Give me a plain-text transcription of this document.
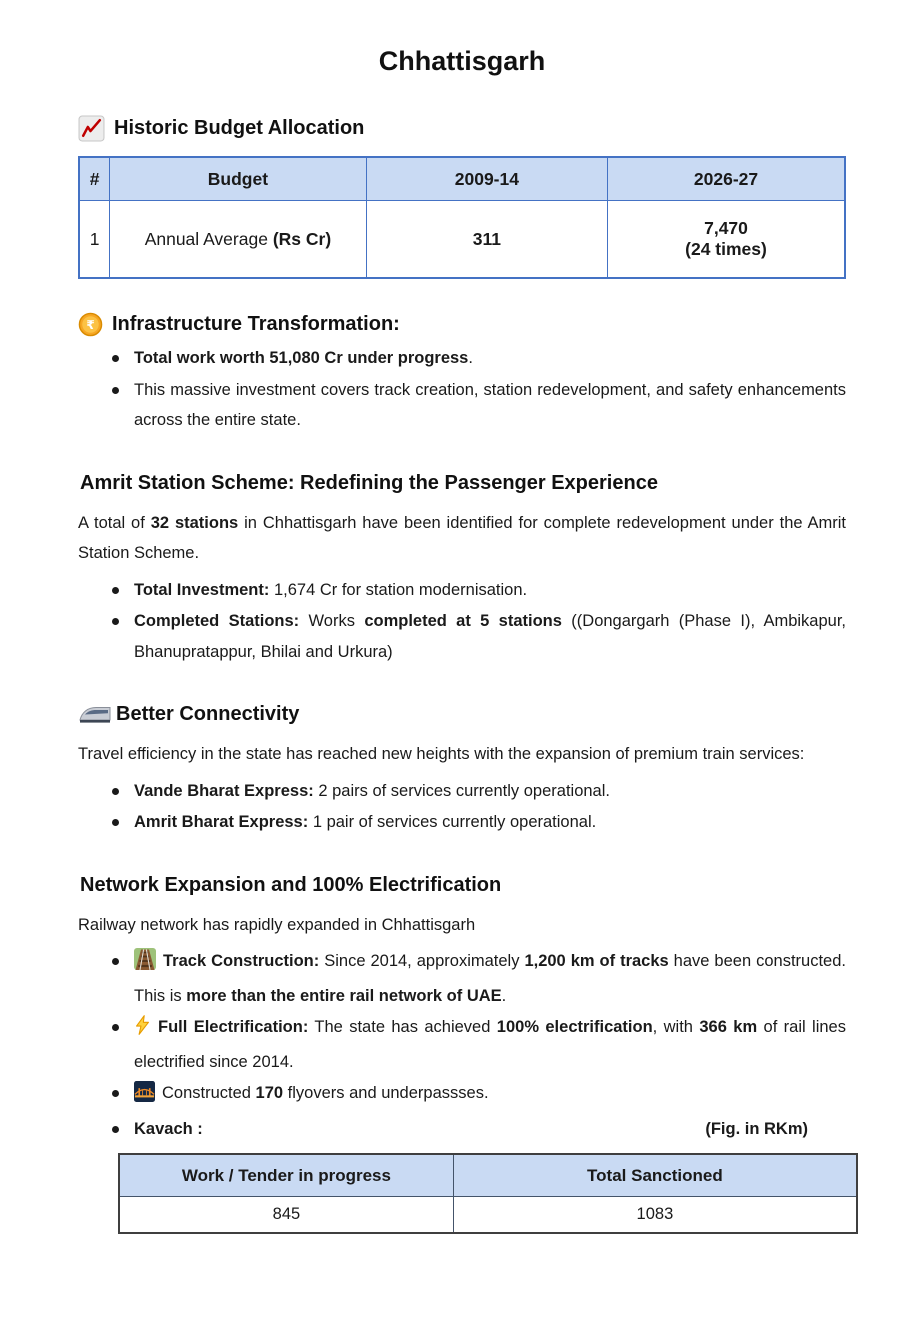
Chhattisgarh
Historic Budget Allocation
#	Budget	2009-14	2026-27
1	Annual Average (Rs Cr)	311	7,470
(24 times)
₹ Infrastructure Transformation:
Total work worth 51,080 Cr under progress.
This massive investment covers track creation, station redevelopment, and safety enhancements across the entire state.
Amrit Station Scheme: Redefining the Passenger Experience

A total of 32 stations in Chhattisgarh have been identified for complete redevelopment under the Amrit Station Scheme.

Total Investment: 1,674 Cr for station modernisation.
Completed Stations: Works completed at 5 stations ((Dongargarh (Phase I), Ambikapur, Bhanupratappur, Bhilai and Urkura)
Better Connectivity

Travel efficiency in the state has reached new heights with the expansion of premium train services:

Vande Bharat Express: 2 pairs of services currently operational.
Amrit Bharat Express: 1 pair of services currently operational.
Network Expansion and 100% Electrification

Railway network has rapidly expanded in Chhattisgarh

Track Construction: Since 2014, approximately 1,200 km of tracks have been constructed. This is more than the entire rail network of UAE.
Full Electrification: The state has achieved 100% electrification, with 366 km of rail lines electrified since 2014.
Constructed 170 flyovers and underpassses.
Kavach :	(Fig. in RKm)
Work / Tender in progress	Total Sanctioned
845	1083
